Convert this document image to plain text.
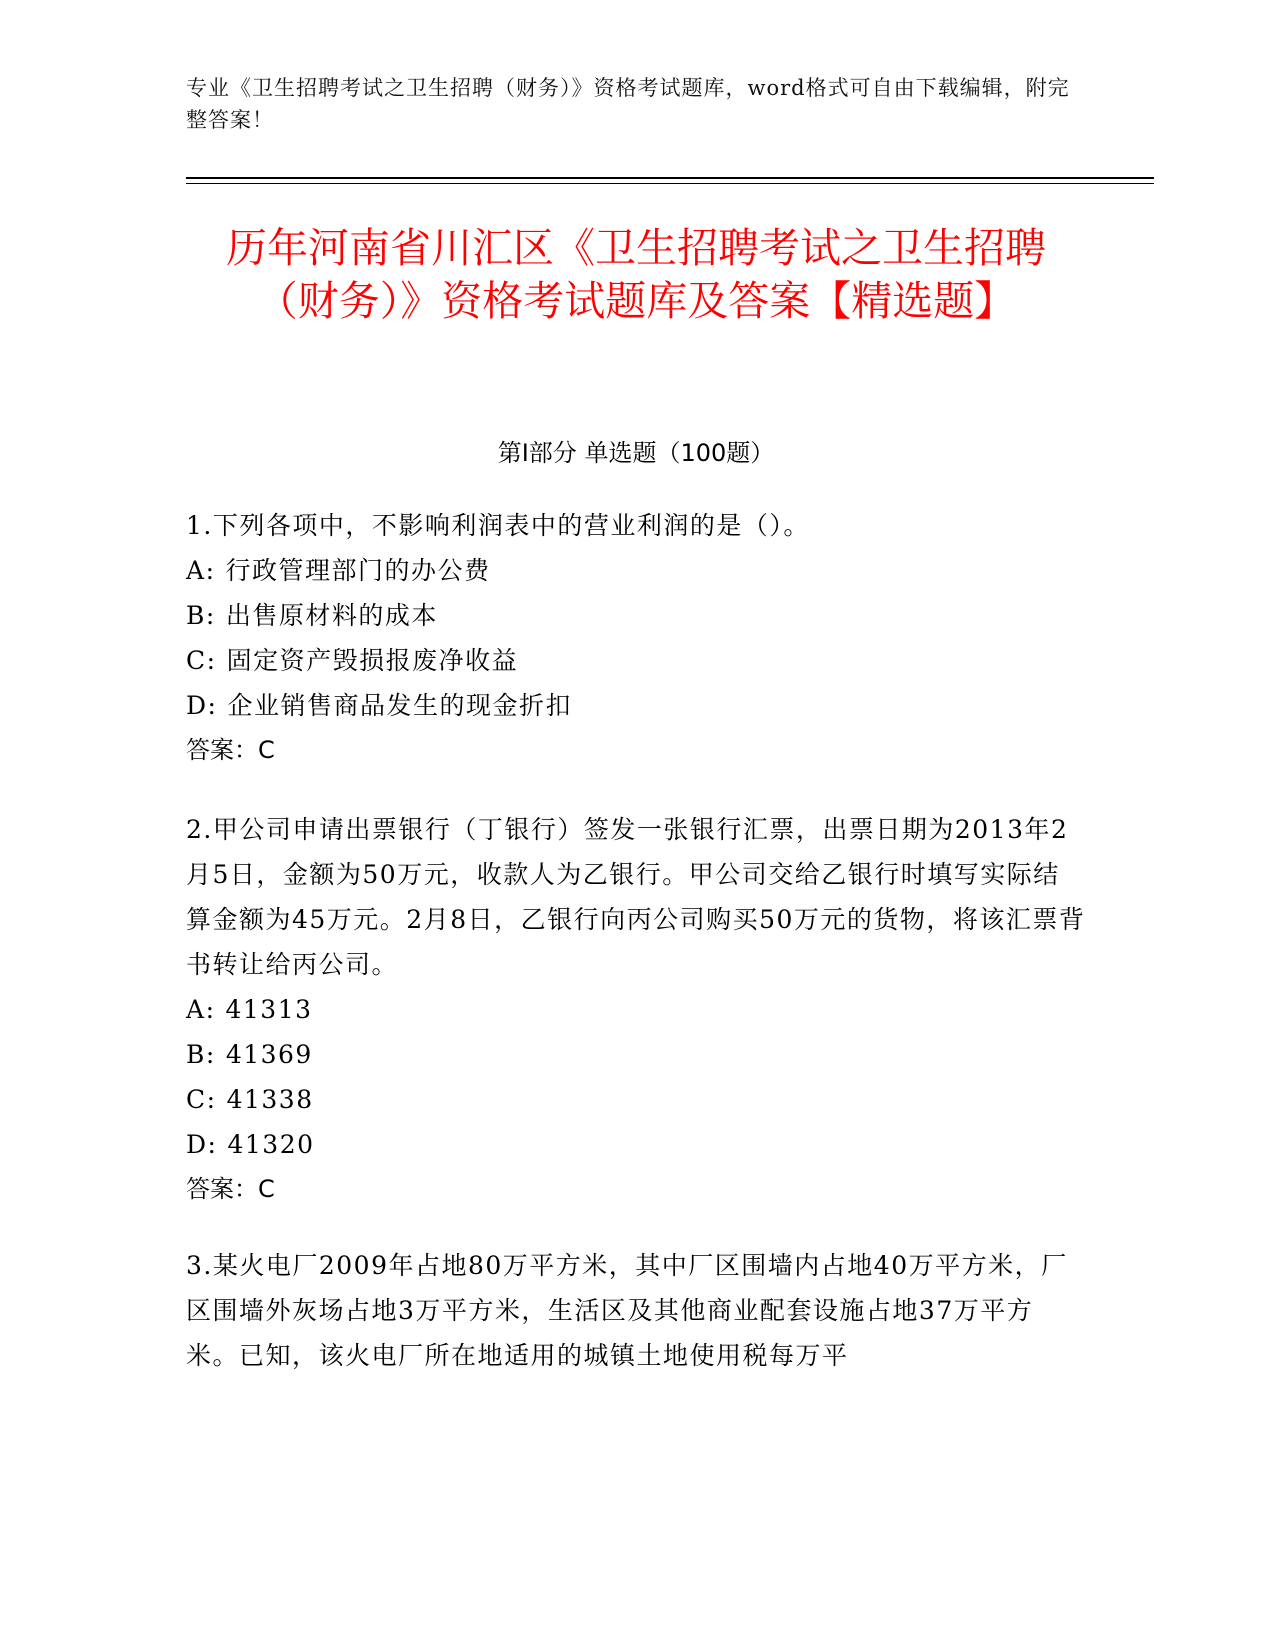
专业《卫生招聘考试之卫生招聘（财务）》资格考试题库，word格式可自由下载编辑，附完整答案！
历年河南省川汇区《卫生招聘考试之卫生招聘（财务）》资格考试题库及答案【精选题】
第I部分 单选题（100题）

1.下列各项中，不影响利润表中的营业利润的是（）。

A: 行政管理部门的办公费

B: 出售原材料的成本

C: 固定资产毁损报废净收益

D: 企业销售商品发生的现金折扣

答案：C

2.甲公司申请出票银行（丁银行）签发一张银行汇票，出票日期为2013年2月5日，金额为50万元，收款人为乙银行。甲公司交给乙银行时填写实际结算金额为45万元。2月8日，乙银行向丙公司购买50万元的货物，将该汇票背书转让给丙公司。

A: 41313

B: 41369

C: 41338

D: 41320

答案：C

3.某火电厂2009年占地80万平方米，其中厂区围墙内占地40万平方米，厂区围墙外灰场占地3万平方米，生活区及其他商业配套设施占地37万平方米。已知，该火电厂所在地适用的城镇土地使用税每万平
